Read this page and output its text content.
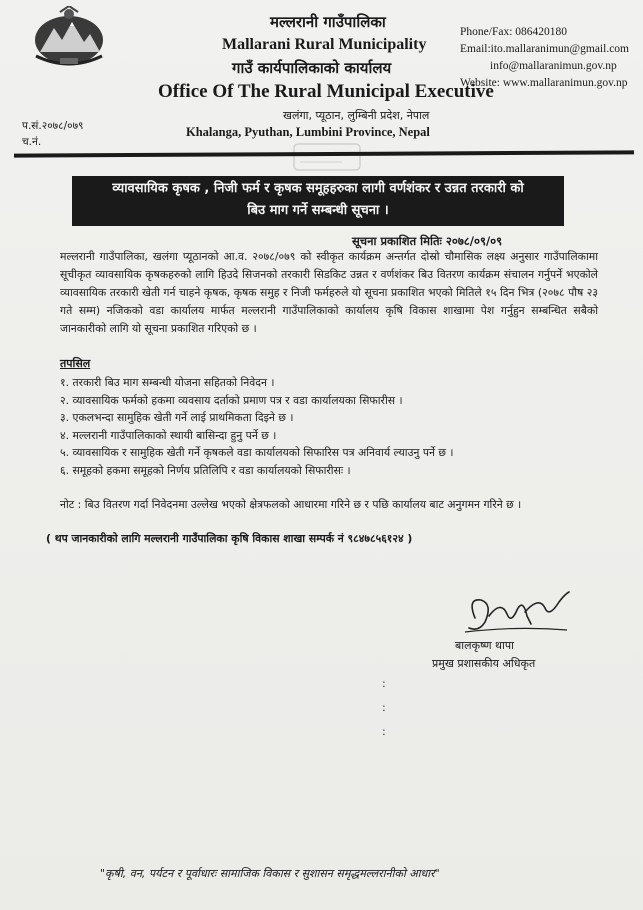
मल्लरानी गाउँपालिका
Mallarani Rural Municipality
गाउँ कार्यपालिकाको कार्यालय
Office Of The Rural Municipal Executive
खलंगा, प्यूठान, लुम्बिनी प्रदेश, नेपाल
Khalanga, Pyuthan, Lumbini Province, Nepal
Phone/Fax: 086420180
Email:ito.mallaranimun@gmail.com
info@mallaranimun.gov.np
Website: www.mallaranimun.gov.np
प.सं.२०७८/०७९
च.नं.
व्यावसायिक कृषक , निजी फर्म र कृषक समूहहरुका लागी वर्णशंकर र उन्नत तरकारी को
बिउ माग गर्ने सम्बन्धी सूचना ।
सूचना प्रकाशित मितिः २०७८/०९/०९
मल्लरानी गाउँपालिका, खलंगा प्यूठानको आ.व. २०७८/०७९ को स्वीकृत कार्यक्रम अन्तर्गत दोस्रो चौमासिक लक्ष्य अनुसार गाउँपालिकामा सूचीकृत व्यावसायिक कृषकहरुको लागि हिउदे सिजनको तरकारी सिडकिट उन्नत र वर्णशंकर बिउ वितरण कार्यक्रम संचालन गर्नुपर्ने भएकोले व्यावसायिक तरकारी खेती गर्न चाहने कृषक, कृषक समुह र निजी फर्महरुले यो सूचना प्रकाशित भएको मितिले १५ दिन भित्र (२०७८ पौष २३ गते सम्म) नजिकको वडा कार्यालय मार्फत मल्लरानी गाउँपालिकाको कार्यालय कृषि विकास शाखामा पेश गर्नुहुन सम्बन्धित सबैको जानकारीको लागि यो सूचना प्रकाशित गरिएको छ ।
तपसिल
१. तरकारी बिउ माग सम्बन्धी योजना सहितको निवेदन ।
२. व्यावसायिक फर्मको हकमा व्यवसाय दर्ताको प्रमाण पत्र र वडा कार्यालयका सिफारीस ।
३. एकलभन्दा सामुहिक खेती गर्ने लाई प्राथमिकता दिइने छ ।
४. मल्लरानी गाउँपालिकाको स्थायी बासिन्दा हुनु पर्ने छ ।
५. व्यावसायिक र सामुहिक खेती गर्ने कृषकले वडा कार्यालयको सिफारिस पत्र अनिवार्य ल्याउनु पर्ने छ ।
६. समूहको हकमा समूहको निर्णय प्रतिलिपि र वडा कार्यालयको सिफारीसः ।
नोट : बिउ वितरण गर्दा निवेदनमा उल्लेख भएको क्षेत्रफलको आधारमा गरिने छ र पछि कार्यालय बाट अनुगमन गरिने छ ।
( थप जानकारीको लागि मल्लरानी गाउँपालिका कृषि विकास शाखा सम्पर्क नं ९८४७८५६१२४ )
बालकृष्ण थापा
प्रमुख प्रशासकीय अधिकृत
:
:
:
"कृषी, वन, पर्यटन र पूर्वाधारः सामाजिक विकास र सुशासन समृद्धमल्लरानीको आधार"
